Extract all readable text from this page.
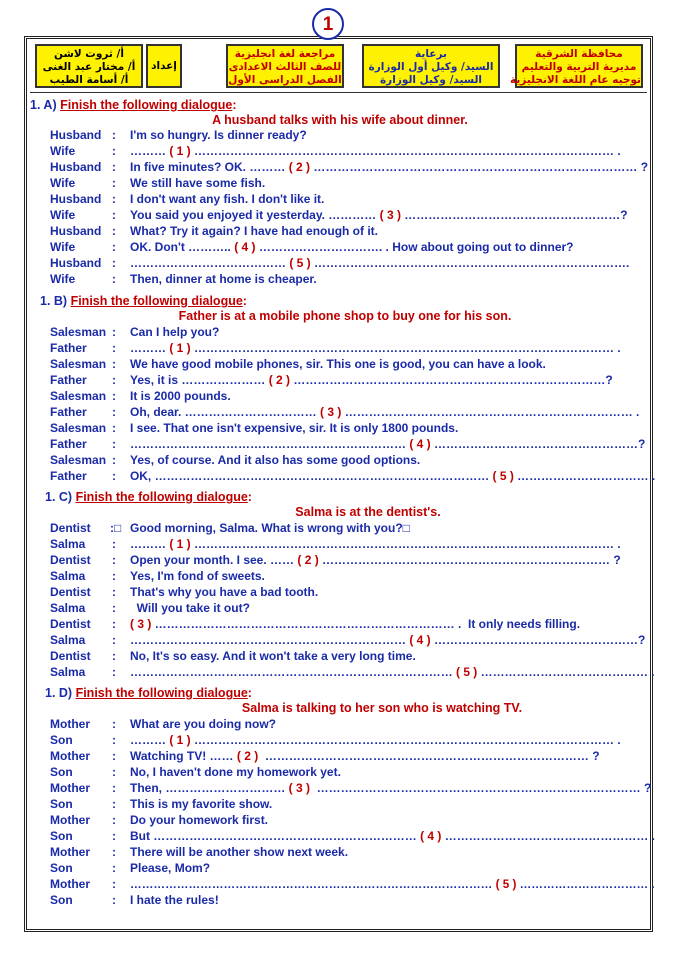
1
أ/ ثروت لاشن
أ/ مختار عبد الغنى
أ/ أسامة الطيب
إعداد
مراجعة لغة انجليزية
للصف الثالث الاعدادى
الفصل الدراسى الأول
برعاية
السيد/ وكيل أول الوزارة
السيد/ وكيل الوزارة
محافظة الشرقية
مديرية التربية والتعليم
توجيه عام اللغة الانجليزية
1. A) Finish the following dialogue:
A husband talks with his wife about dinner.
Husband : I'm so hungry. Is dinner ready?
Wife	: ……… ( 1 ) …………………………………………………………………………………………… .
Husband : In five minutes? OK. ……… ( 2 ) ……………………………………………………………………… ?
Wife	: We still have some fish.
Husband : I don't want any fish. I don't like it.
Wife	: You said you enjoyed it yesterday. ………… ( 3 ) ………………………………………………?
Husband : What? Try it again? I have had enough of it.
Wife	: OK. Don't ……….. ( 4 ) …………………………. . How about going out to dinner?
Husband : ………………………………… ( 5 ) …………………………………………………………………….
Wife	: Then, dinner at home is cheaper.
1. B) Finish the following dialogue:
Father is at a mobile phone shop to buy one for his son.
Salesman : Can I help you?
Father : ……… ( 1 ) …………………………………………………………………………………………… .
Salesman : We have good mobile phones, sir. This one is good, you can have a look.
Father : Yes, it is ………………… ( 2 ) ……………………………………………………………………?
Salesman : It is 2000 pounds.
Father : Oh, dear. …………………………… ( 3 ) ……………………………………………………………… .
Salesman : I see. That one isn't expensive, sir. It is only 1800 pounds.
Father : …………………………………………………………… ( 4 ) ……………………………………………?
Salesman : Yes, of course. And it also has some good options.
Father : OK, ………………………………………………………………………… ( 5 ) …………………………… .
1. C) Finish the following dialogue:
Salma is at the dentist's.
Dentist :□ Good morning, Salma. What is wrong with you?□
Salma : ……… ( 1 ) …………………………………………………………………………………………… .
Dentist : Open your month. I see. …… ( 2 ) ……………………………………………………………… ?
Salma : Yes, I'm fond of sweets.
Dentist : That's why you have a bad tooth.
Salma : Will you take it out?
Dentist : ( 3 ) ………………………………………………………………… .  It only needs filling.
Salma : …………………………………………………………… ( 4 ) ……………………………………………?
Dentist : No, It's so easy. And it won't take a very long time.
Salma : ……………………………………………………………………… ( 5 ) …………………………………… .
1. D) Finish the following dialogue:
Salma is talking to her son who is watching TV.
Mother : What are you doing now?
Son	: ……… ( 1 ) …………………………………………………………………………………………… .
Mother : Watching TV! …… ( 2 )  ……………………………………………………………………… ?
Son	: No, I haven't done my homework yet.
Mother : Then, ………………………… ( 3 )  ……………………………………………………………………… ?
Son	: This is my favorite show.
Mother : Do your homework first.
Son	: But ………………………………………………………… ( 4 ) …………………………………………… .
Mother : There will be another show next week.
Son	: Please, Mom?
Mother : ………………………………………………………………………………… ( 5 ) …………………………… .
Son	: I hate the rules!
